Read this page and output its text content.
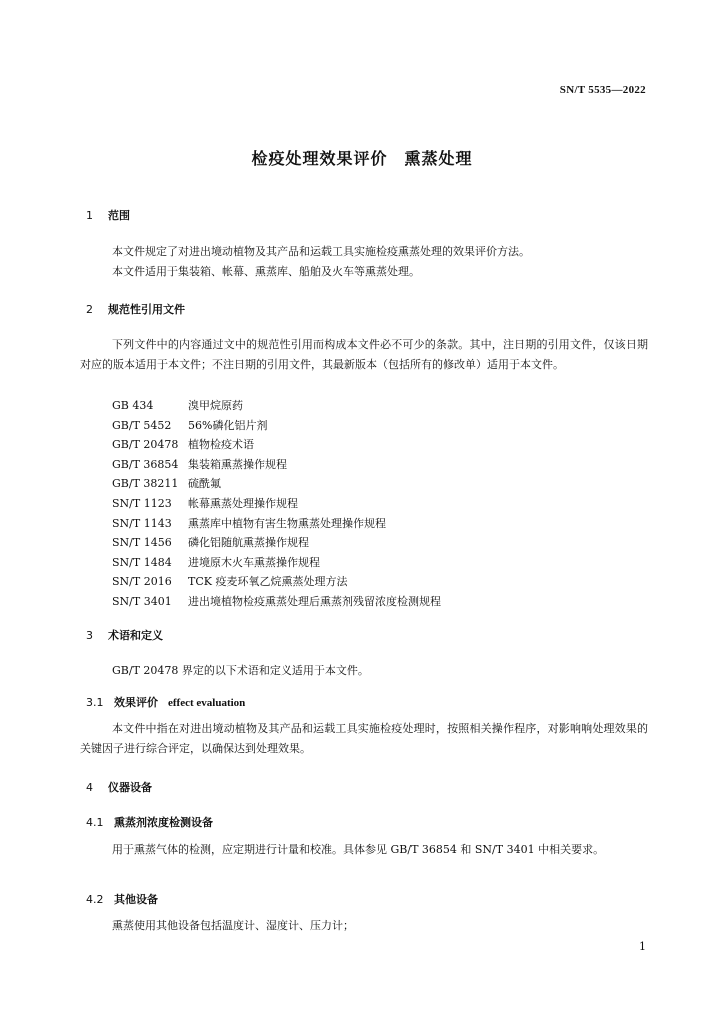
SN/T 5535—2022
检疫处理效果评价　熏蒸处理
1 范围
本文件规定了对进出境动植物及其产品和运载工具实施检疫熏蒸处理的效果评价方法。
本文件适用于集装箱、帐幕、熏蒸库、船舶及火车等熏蒸处理。
2 规范性引用文件
下列文件中的内容通过文中的规范性引用而构成本文件必不可少的条款。其中，注日期的引用文件，仅该日期对应的版本适用于本文件；不注日期的引用文件，其最新版本（包括所有的修改单）适用于本文件。
GB 434	溴甲烷原药
GB/T 5452 56%磷化铝片剂
GB/T 20478 植物检疫术语
GB/T 36854 集装箱熏蒸操作规程
GB/T 38211 硫酰氟
SN/T 1123 帐幕熏蒸处理操作规程
SN/T 1143 熏蒸库中植物有害生物熏蒸处理操作规程
SN/T 1456 磷化铝随航熏蒸操作规程
SN/T 1484 进境原木火车熏蒸操作规程
SN/T 2016 TCK 疫麦环氧乙烷熏蒸处理方法
SN/T 3401 进出境植物检疫熏蒸处理后熏蒸剂残留浓度检测规程
3 术语和定义
GB/T 20478 界定的以下术语和定义适用于本文件。
3.1 效果评价 effect evaluation
本文件中指在对进出境动植物及其产品和运载工具实施检疫处理时，按照相关操作程序，对影响响处理效果的关键因子进行综合评定，以确保达到处理效果。
4 仪器设备
4.1 熏蒸剂浓度检测设备
用于熏蒸气体的检测，应定期进行计量和校准。具体参见 GB/T 36854 和 SN/T 3401 中相关要求。
4.2 其他设备
熏蒸使用其他设备包括温度计、湿度计、压力计；
1
